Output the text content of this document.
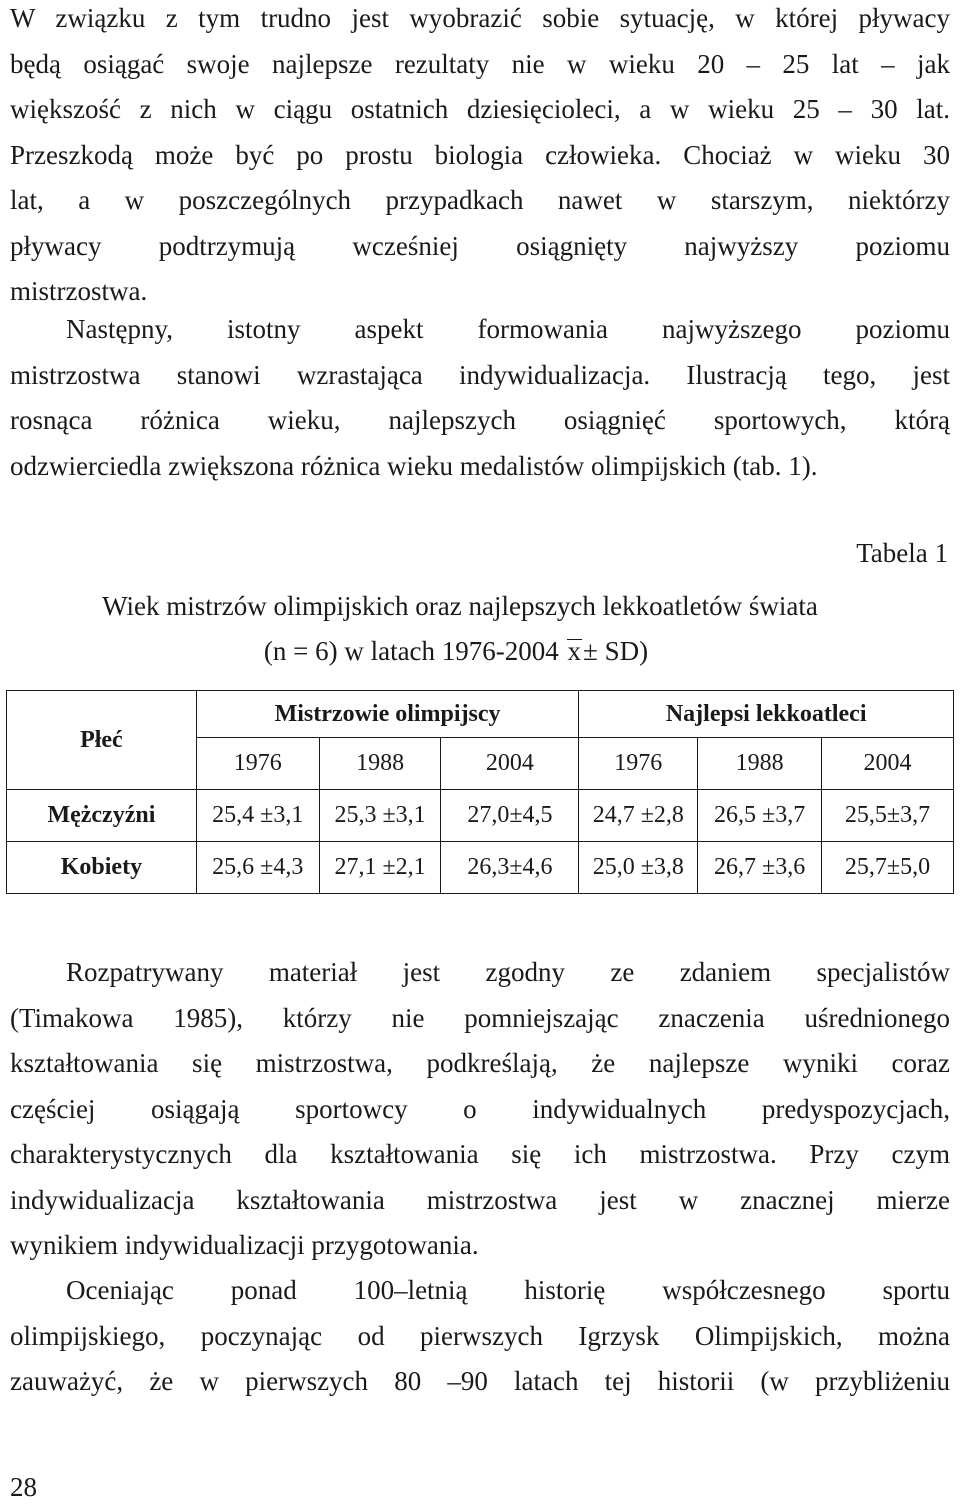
W związku z tym trudno jest wyobrazić sobie sytuację, w której pływacy
będą osiągać swoje najlepsze rezultaty nie w wieku 20 – 25 lat – jak
większość z nich w ciągu ostatnich dziesięcioleci, a w wieku 25 – 30 lat.
Przeszkodą może być po prostu biologia człowieka. Chociaż w wieku 30
lat, a w poszczególnych przypadkach nawet w starszym, niektórzy
pływacy podtrzymują wcześniej osiągnięty najwyższy poziomu
mistrzostwa.

Następny, istotny aspekt formowania najwyższego poziomu
mistrzostwa stanowi wzrastająca indywidualizacja. Ilustracją tego, jest
rosnąca różnica wieku, najlepszych osiągnięć sportowych, którą
odzwierciedla zwiększona różnica wieku medalistów olimpijskich (tab. 1).

Tabela 1
Wiek mistrzów olimpijskich oraz najlepszych lekkoatletów świata
(n = 6) w latach 1976-2004 x± SD)
Płeć	Mistrzowie olimpijscy			Najlepsi lekkoatleci		
	1976	1988	2004	1976	1988	2004
Mężczyźni	25,4 ±3,1	25,3 ±3,1	27,0±4,5	24,7 ±2,8	26,5 ±3,7	25,5±3,7
Kobiety	25,6 ±4,3	27,1 ±2,1	26,3±4,6	25,0 ±3,8	26,7 ±3,6	25,7±5,0

Rozpatrywany materiał jest zgodny ze zdaniem specjalistów
(Timakowa 1985), którzy nie pomniejszając znaczenia uśrednionego
kształtowania się mistrzostwa, podkreślają, że najlepsze wyniki coraz
częściej osiągają sportowcy o indywidualnych predyspozycjach,
charakterystycznych dla kształtowania się ich mistrzostwa. Przy czym
indywidualizacja kształtowania mistrzostwa jest w znacznej mierze
wynikiem indywidualizacji przygotowania.

Oceniając ponad 100–letnią historię współczesnego sportu
olimpijskiego, poczynając od pierwszych Igrzysk Olimpijskich, można
zauważyć, że w pierwszych 80 –90 latach tej historii (w przybliżeniu

28
